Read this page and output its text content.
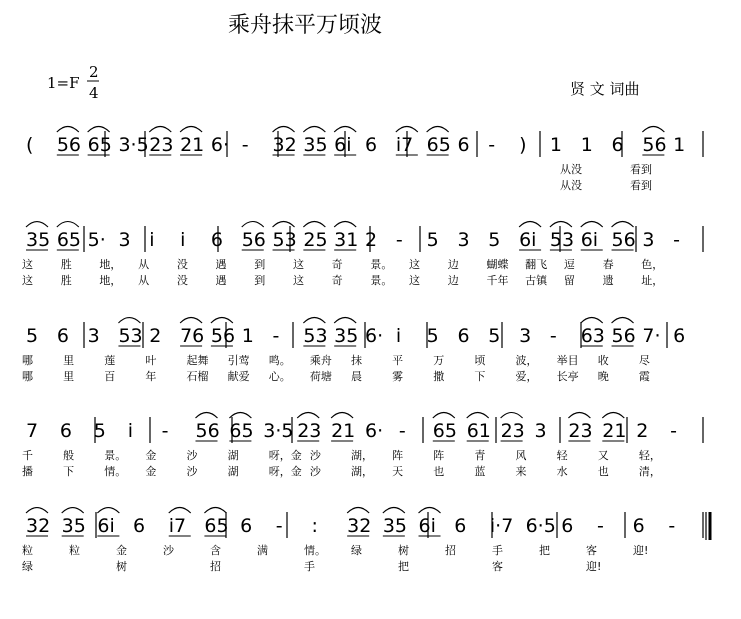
乘舟抹平万顷波
1=F
2
4	贤 文 词曲
( 56 65 3·5 23 21 6· - 32 35 6i 6 i7 65 6 - ) 1 1 6 56 1
从没	看到
从没	看到
35 65 5· 3 i i 6 56 53 25 31 2 - 5 3 5 6i 53 6i 56 3 -
这	胜	地， 从	没	遇	到	这	奇	景。 这	边	蝴蝶 翻飞 逗	春	色，
这	胜	地， 从	没	遇	到	这	奇	景。 这	边	千年 古镇 留	遗	址，
5 6 3 53 2 76 56 1 - 53 35 6· i 5 6 5 3 - 63 56 7· 6
哪	里	莲	叶	起舞 引莺 鸣。 乘舟 抹	平	万	顷	波， 举目 收	尽
哪	里	百	年	石榴 献爱 心。 荷塘 晨	雾	撒	下	爱， 长亭 晚	霞
7 6 5 i - 56 65 3·5 23 21 6· - 65 61 23 3 23 21 2 -
千	般	景。 金	沙	湖	呀，金 沙	湖， 阵	阵	青	风	轻	又	轻，
播	下	情。 金	沙	湖	呀，金 沙	湖， 天	也	蓝	来	水	也	清，
32 35 6i 6 i7 65 6 - : 32 35 6i 6 i·7 6·5 6 - 6 -
粒	粒	金	沙	含	满	情。 绿	树	招	手	把	客	迎!
绿	树	招	手	把	客	迎!
